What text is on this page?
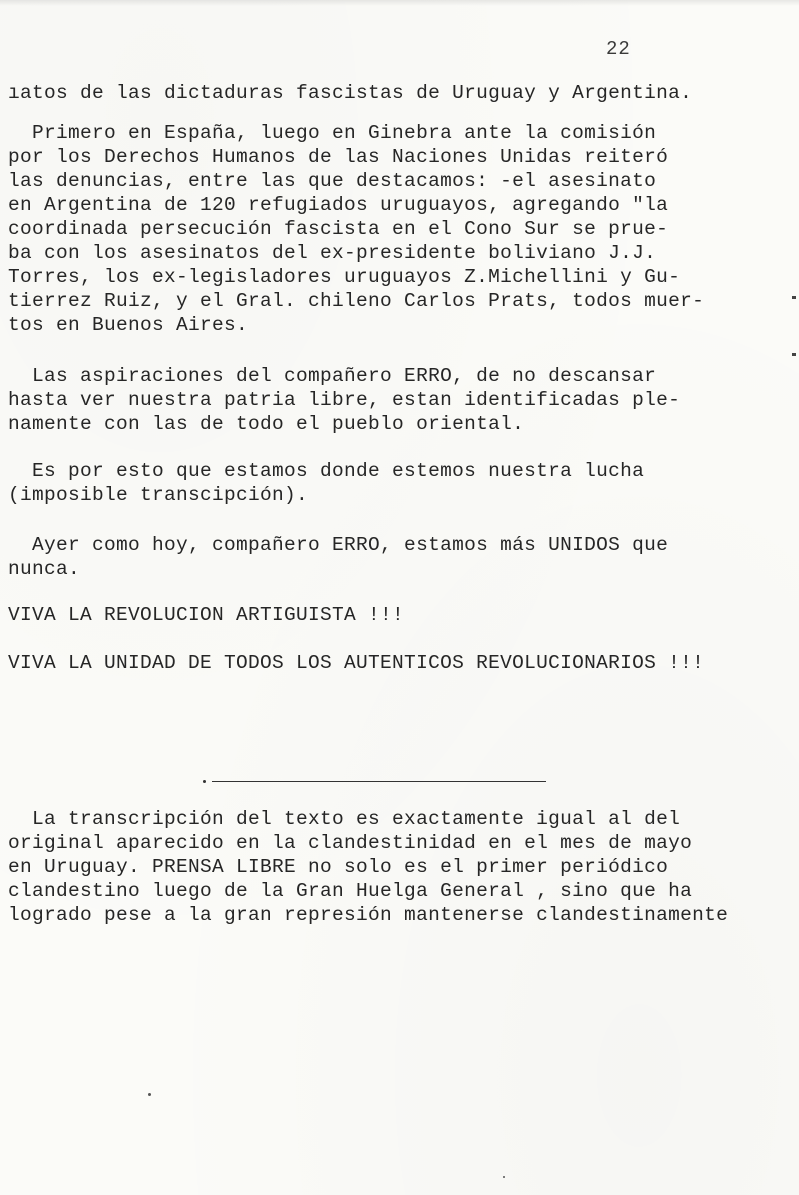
22
ıatos de las dictaduras fascistas de Uruguay y Argentina.
Primero en España, luego en Ginebra ante la comisión
por los Derechos Humanos de las Naciones Unidas reiteró
las denuncias, entre las que destacamos: -el asesinato
en Argentina de 120 refugiados uruguayos, agregando "la
coordinada persecución fascista en el Cono Sur se prue-
ba con los asesinatos del ex-presidente boliviano J.J.
Torres, los ex-legisladores uruguayos Z.Michellini y Gu-
tierrez Ruiz, y el Gral. chileno Carlos Prats, todos muer-
tos en Buenos Aires.
Las aspiraciones del compañero ERRO, de no descansar
hasta ver nuestra patria libre, estan identificadas ple-
namente con las de todo el pueblo oriental.
Es por esto que estamos donde estemos nuestra lucha
(imposible transcipción).
Ayer como hoy, compañero ERRO, estamos más UNIDOS que
nunca.
VIVA LA REVOLUCION ARTIGUISTA !!!
VIVA LA UNIDAD DE TODOS LOS AUTENTICOS REVOLUCIONARIOS !!!
La transcripción del texto es exactamente igual al del
original aparecido en la clandestinidad en el mes de mayo
en Uruguay. PRENSA LIBRE no solo es el primer periódico
clandestino luego de la Gran Huelga General , sino que ha
logrado pese a la gran represión mantenerse clandestinamente
